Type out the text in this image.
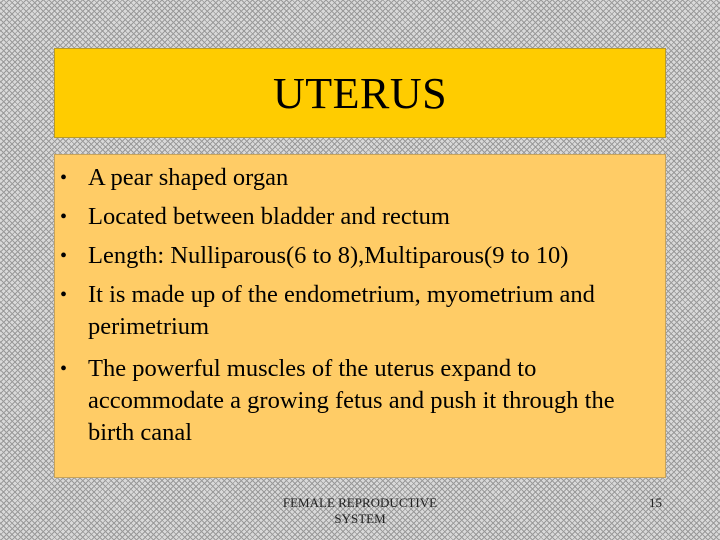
UTERUS
• A pear shaped organ
• Located between bladder and rectum
• Length: Nulliparous(6 to 8),Multiparous(9 to 10)
• It is made up of the endometrium, myometrium and perimetrium
• The powerful muscles of the uterus expand to accommodate a growing fetus and push it through the birth canal
FEMALE REPRODUCTIVE SYSTEM
15
